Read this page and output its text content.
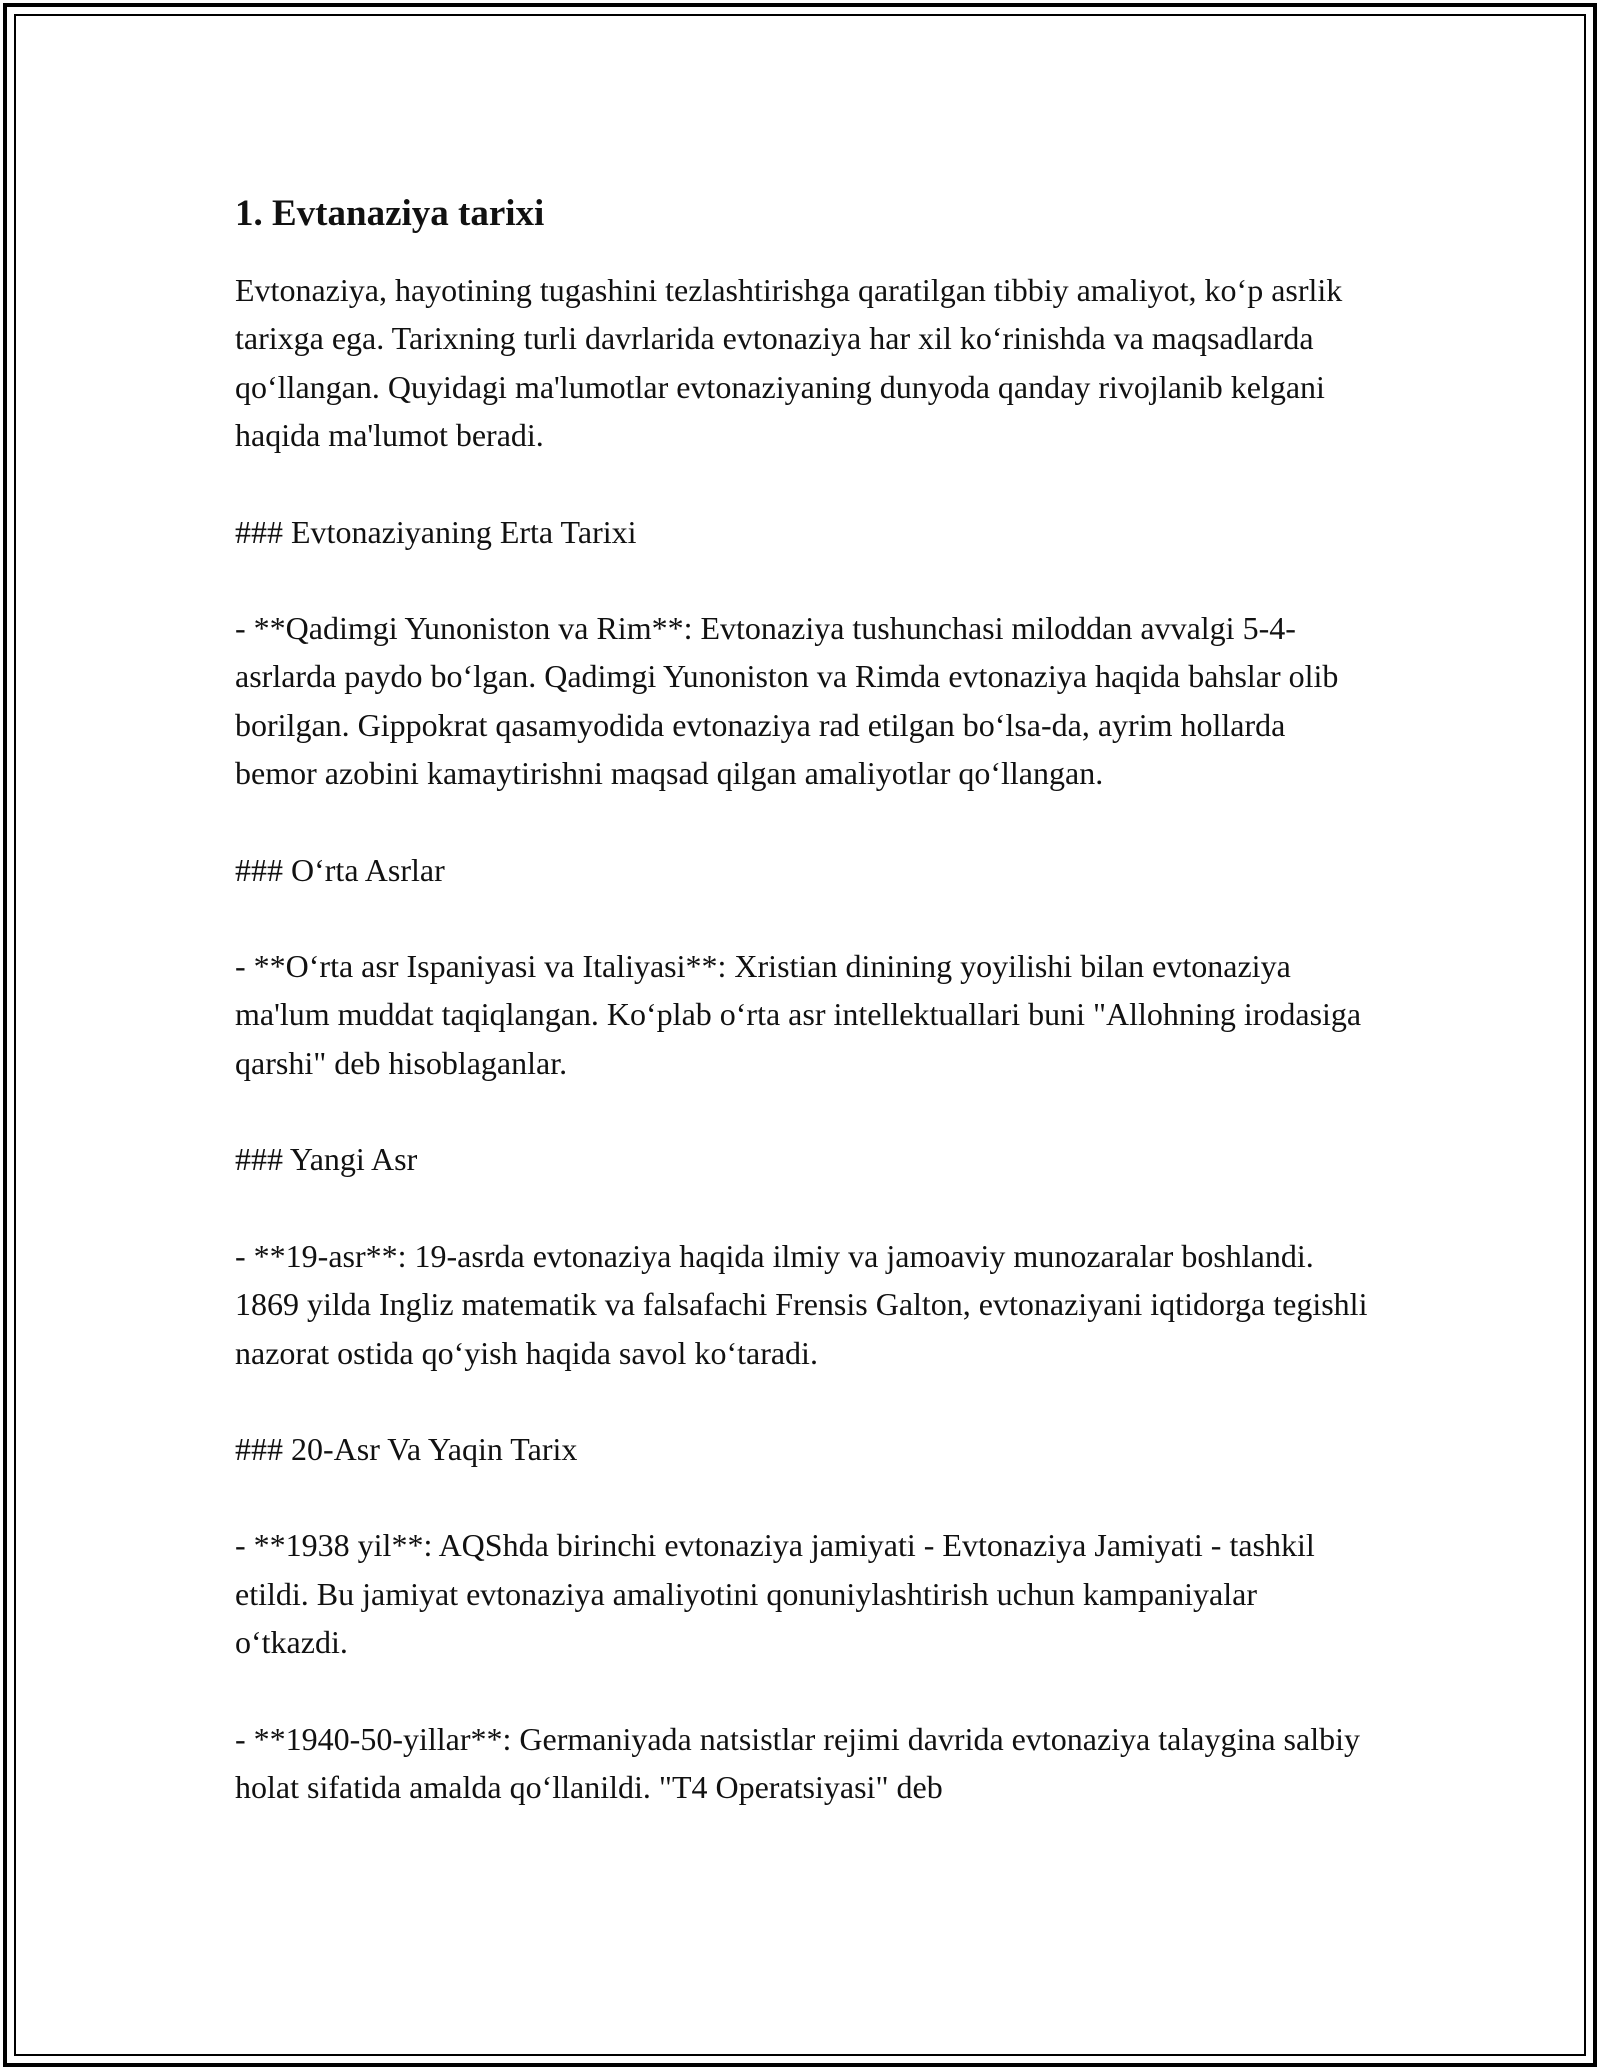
1. Evtanaziya tarixi

Evtonaziya, hayotining tugashini tezlashtirishga qaratilgan tibbiy amaliyot, ko‘p asrlik tarixga ega. Tarixning turli davrlarida evtonaziya har xil ko‘rinishda va maqsadlarda qo‘llangan. Quyidagi ma'lumotlar evtonaziyaning dunyoda qanday rivojlanib kelgani haqida ma'lumot beradi.

### Evtonaziyaning Erta Tarixi

- **Qadimgi Yunoniston va Rim**: Evtonaziya tushunchasi miloddan avvalgi 5-4-asrlarda paydo bo‘lgan. Qadimgi Yunoniston va Rimda evtonaziya haqida bahslar olib borilgan. Gippokrat qasamyodida evtonaziya rad etilgan bo‘lsa-da, ayrim hollarda bemor azobini kamaytirishni maqsad qilgan amaliyotlar qo‘llangan.

### O‘rta Asrlar

- **O‘rta asr Ispaniyasi va Italiyasi**: Xristian dinining yoyilishi bilan evtonaziya ma'lum muddat taqiqlangan. Ko‘plab o‘rta asr intellektuallari buni "Allohning irodasiga qarshi" deb hisoblaganlar.

### Yangi Asr

- **19-asr**: 19-asrda evtonaziya haqida ilmiy va jamoaviy munozaralar boshlandi. 1869 yilda Ingliz matematik va falsafachi Frensis Galton, evtonaziyani iqtidorga tegishli nazorat ostida qo‘yish haqida savol ko‘taradi.

### 20-Asr Va Yaqin Tarix

- **1938 yil**: AQShda birinchi evtonaziya jamiyati - Evtonaziya Jamiyati - tashkil etildi. Bu jamiyat evtonaziya amaliyotini qonuniylashtirish uchun kampaniyalar o‘tkazdi.

- **1940-50-yillar**: Germaniyada natsistlar rejimi davrida evtonaziya talaygina salbiy holat sifatida amalda qo‘llanildi. "T4 Operatsiyasi" deb
